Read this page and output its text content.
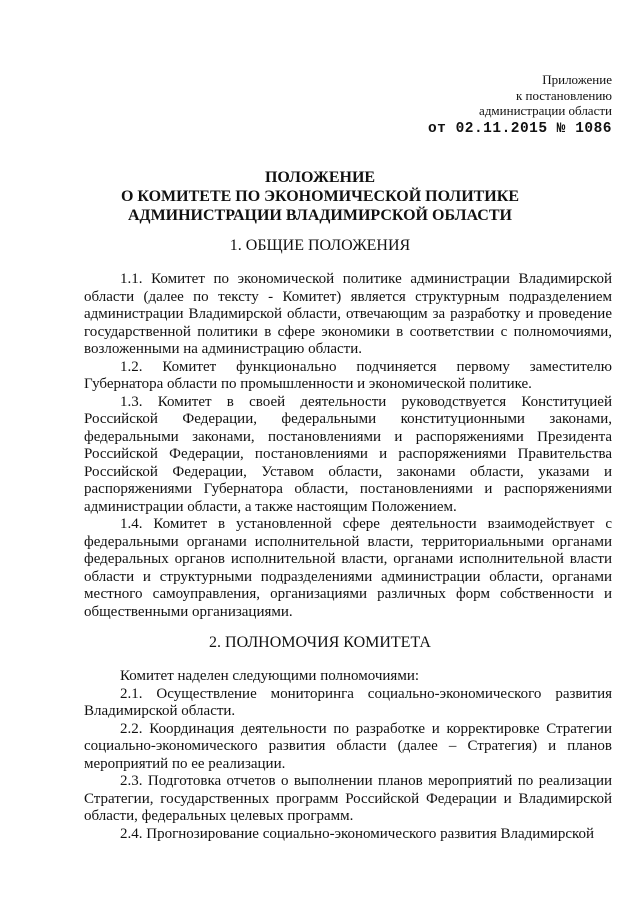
Приложение
к постановлению
администрации области
от 02.11.2015 № 1086
ПОЛОЖЕНИЕ
О КОМИТЕТЕ ПО ЭКОНОМИЧЕСКОЙ ПОЛИТИКЕ
АДМИНИСТРАЦИИ ВЛАДИМИРСКОЙ ОБЛАСТИ
1. ОБЩИЕ ПОЛОЖЕНИЯ

1.1. Комитет по экономической политике администрации Владимирской области (далее по тексту - Комитет) является структурным подразделением администрации Владимирской области, отвечающим за разработку и проведение государственной политики в сфере экономики в соответствии с полномочиями, возложенными на администрацию области.

1.2. Комитет функционально подчиняется первому заместителю Губернатора области по промышленности и экономической политике.

1.3. Комитет в своей деятельности руководствуется Конституцией Российской Федерации, федеральными конституционными законами, федеральными законами, постановлениями и распоряжениями Президента Российской Федерации, постановлениями и распоряжениями Правительства Российской Федерации, Уставом области, законами области, указами и распоряжениями Губернатора области, постановлениями и распоряжениями администрации области, а также настоящим Положением.

1.4. Комитет в установленной сфере деятельности взаимодействует с федеральными органами исполнительной власти, территориальными органами федеральных органов исполнительной власти, органами исполнительной власти области и структурными подразделениями администрации области, органами местного самоуправления, организациями различных форм собственности и общественными организациями.

2. ПОЛНОМОЧИЯ КОМИТЕТА

Комитет наделен следующими полномочиями:

2.1. Осуществление мониторинга социально-экономического развития Владимирской области.

2.2. Координация деятельности по разработке и корректировке Стратегии социально-экономического развития области (далее – Стратегия) и планов мероприятий по ее реализации.

2.3. Подготовка отчетов о выполнении планов мероприятий по реализации Стратегии, государственных программ Российской Федерации и Владимирской области, федеральных целевых программ.

2.4. Прогнозирование социально-экономического развития Владимирской
